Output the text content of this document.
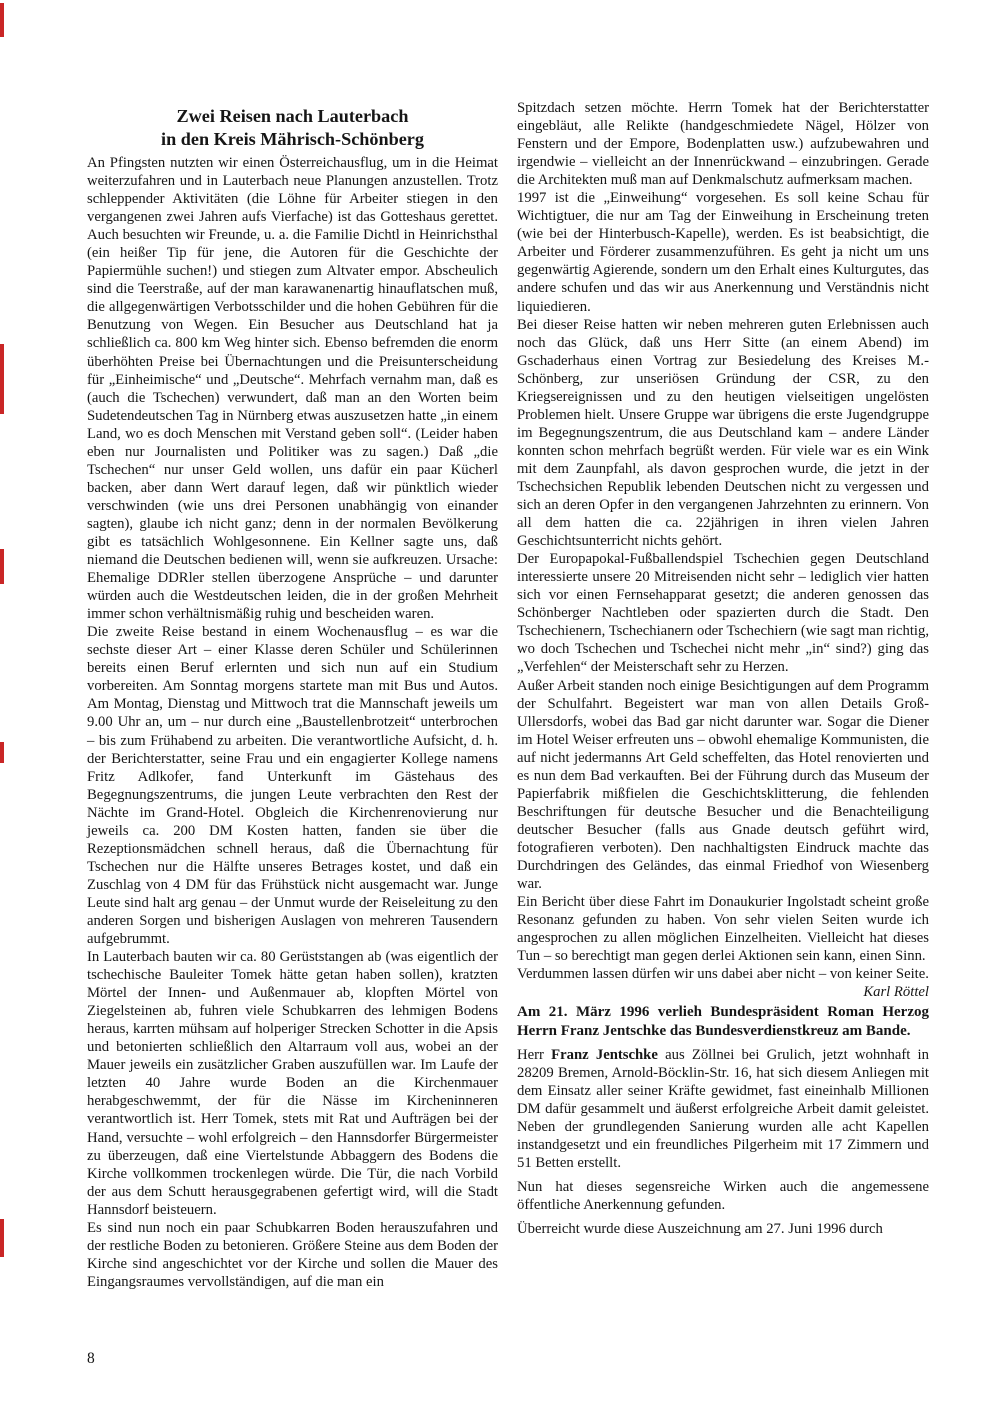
Zwei Reisen nach Lauterbach
in den Kreis Mährisch-Schönberg

An Pfingsten nutzten wir einen Österreichausflug, um in die Heimat weiterzufahren und in Lauterbach neue Planungen anzustellen. Trotz schleppender Aktivitäten (die Löhne für Arbeiter stiegen in den vergangenen zwei Jahren aufs Vierfache) ist das Gotteshaus gerettet. Auch besuchten wir Freunde, u. a. die Familie Dichtl in Heinrichsthal (ein heißer Tip für jene, die Autoren für die Geschichte der Papiermühle suchen!) und stiegen zum Altvater empor. Abscheulich sind die Teerstraße, auf der man karawanenartig hinauflatschen muß, die allgegenwärtigen Verbotsschilder und die hohen Gebühren für die Benutzung von Wegen. Ein Besucher aus Deutschland hat ja schließlich ca. 800 km Weg hinter sich. Ebenso befremden die enorm überhöhten Preise bei Übernachtungen und die Preisunterscheidung für „Einheimische“ und „Deutsche“. Mehrfach vernahm man, daß es (auch die Tschechen) verwundert, daß man an den Worten beim Sudetendeutschen Tag in Nürnberg etwas auszusetzen hatte „in einem Land, wo es doch Menschen mit Verstand geben soll“. (Leider haben eben nur Journalisten und Politiker was zu sagen.) Daß „die Tschechen“ nur unser Geld wollen, uns dafür ein paar Kücherl backen, aber dann Wert darauf legen, daß wir pünktlich wieder verschwinden (wie uns drei Personen unabhängig von einander sagten), glaube ich nicht ganz; denn in der normalen Bevölkerung gibt es tatsächlich Wohlgesonnene. Ein Kellner sagte uns, daß niemand die Deutschen bedienen will, wenn sie aufkreuzen. Ursache: Ehemalige DDRler stellen überzogene Ansprüche – und darunter würden auch die Westdeutschen leiden, die in der großen Mehrheit immer schon verhältnismäßig ruhig und bescheiden waren.

Die zweite Reise bestand in einem Wochenausflug – es war die sechste dieser Art – einer Klasse deren Schüler und Schülerinnen bereits einen Beruf erlernten und sich nun auf ein Studium vorbereiten. Am Sonntag morgens startete man mit Bus und Autos. Am Montag, Dienstag und Mittwoch trat die Mannschaft jeweils um 9.00 Uhr an, um – nur durch eine „Baustellenbrotzeit“ unterbrochen – bis zum Frühabend zu arbeiten. Die verantwortliche Aufsicht, d. h. der Berichterstatter, seine Frau und ein engagierter Kollege namens Fritz Adlkofer, fand Unterkunft im Gästehaus des Begegnungszentrums, die jungen Leute verbrachten den Rest der Nächte im Grand-Hotel. Obgleich die Kirchenrenovierung nur jeweils ca. 200 DM Kosten hatten, fanden sie über die Rezeptionsmädchen schnell heraus, daß die Übernachtung für Tschechen nur die Hälfte unseres Betrages kostet, und daß ein Zuschlag von 4 DM für das Frühstück nicht ausgemacht war. Junge Leute sind halt arg genau – der Unmut wurde der Reiseleitung zu den anderen Sorgen und bisherigen Auslagen von mehreren Tausendern aufgebrummt.

In Lauterbach bauten wir ca. 80 Gerüststangen ab (was eigentlich der tschechische Bauleiter Tomek hätte getan haben sollen), kratzten Mörtel der Innen- und Außenmauer ab, klopften Mörtel von Ziegelsteinen ab, fuhren viele Schubkarren des lehmigen Bodens heraus, karrten mühsam auf holperiger Strecken Schotter in die Apsis und betonierten schließlich den Altarraum voll aus, wobei an der Mauer jeweils ein zusätzlicher Graben auszufüllen war. Im Laufe der letzten 40 Jahre wurde Boden an die Kirchenmauer herabgeschwemmt, der für die Nässe im Kircheninneren verantwortlich ist. Herr Tomek, stets mit Rat und Aufträgen bei der Hand, versuchte – wohl erfolgreich – den Hannsdorfer Bürgermeister zu überzeugen, daß eine Viertelstunde Abbaggern des Bodens die Kirche vollkommen trockenlegen würde. Die Tür, die nach Vorbild der aus dem Schutt herausgegrabenen gefertigt wird, will die Stadt Hannsdorf beisteuern.

Es sind nun noch ein paar Schubkarren Boden herauszufahren und der restliche Boden zu betonieren. Größere Steine aus dem Boden der Kirche sind angeschichtet vor der Kirche und sollen die Mauer des Eingangsraumes vervollständigen, auf die man ein

Spitzdach setzen möchte. Herrn Tomek hat der Berichterstatter eingebläut, alle Relikte (handgeschmiedete Nägel, Hölzer von Fenstern und der Empore, Bodenplatten usw.) aufzubewahren und irgendwie – vielleicht an der Innenrückwand – einzubringen. Gerade die Architekten muß man auf Denkmalschutz aufmerksam machen.

1997 ist die „Einweihung“ vorgesehen. Es soll keine Schau für Wichtigtuer, die nur am Tag der Einweihung in Erscheinung treten (wie bei der Hinterbusch-Kapelle), werden. Es ist beabsichtigt, die Arbeiter und Förderer zusammenzuführen. Es geht ja nicht um uns gegenwärtig Agierende, sondern um den Erhalt eines Kulturgutes, das andere schufen und das wir aus Anerkennung und Verständnis nicht liquiedieren.

Bei dieser Reise hatten wir neben mehreren guten Erlebnissen auch noch das Glück, daß uns Herr Sitte (an einem Abend) im Gschaderhaus einen Vortrag zur Besiedelung des Kreises M.-Schönberg, zur unseriösen Gründung der CSR, zu den Kriegsereignissen und zu den heutigen vielseitigen ungelösten Problemen hielt. Unsere Gruppe war übrigens die erste Jugendgruppe im Begegnungszentrum, die aus Deutschland kam – andere Länder konnten schon mehrfach begrüßt werden. Für viele war es ein Wink mit dem Zaunpfahl, als davon gesprochen wurde, die jetzt in der Tschechsichen Republik lebenden Deutschen nicht zu vergessen und sich an deren Opfer in den vergangenen Jahrzehnten zu erinnern. Von all dem hatten die ca. 22jährigen in ihren vielen Jahren Geschichtsunterricht nichts gehört.

Der Europapokal-Fußballendspiel Tschechien gegen Deutschland interessierte unsere 20 Mitreisenden nicht sehr – lediglich vier hatten sich vor einen Fernsehapparat gesetzt; die anderen genossen das Schönberger Nachtleben oder spazierten durch die Stadt. Den Tschechienern, Tschechianern oder Tschechiern (wie sagt man richtig, wo doch Tschechen und Tschechei nicht mehr „in“ sind?) ging das „Verfehlen“ der Meisterschaft sehr zu Herzen.

Außer Arbeit standen noch einige Besichtigungen auf dem Programm der Schulfahrt. Begeistert war man von allen Details Groß-Ullersdorfs, wobei das Bad gar nicht darunter war. Sogar die Diener im Hotel Weiser erfreuten uns – obwohl ehemalige Kommunisten, die auf nicht jedermanns Art Geld scheffelten, das Hotel renovierten und es nun dem Bad verkauften. Bei der Führung durch das Museum der Papierfabrik mißfielen die Geschichtsklitterung, die fehlenden Beschriftungen für deutsche Besucher und die Benachteiligung deutscher Besucher (falls aus Gnade deutsch geführt wird, fotografieren verboten). Den nachhaltigsten Eindruck machte das Durchdringen des Geländes, das einmal Friedhof von Wiesenberg war.

Ein Bericht über diese Fahrt im Donaukurier Ingolstadt scheint große Resonanz gefunden zu haben. Von sehr vielen Seiten wurde ich angesprochen zu allen möglichen Einzelheiten. Vielleicht hat dieses Tun – so berechtigt man gegen derlei Aktionen sein kann, einen Sinn.

Verdummen lassen dürfen wir uns dabei aber nicht – von keiner Seite.
Karl Röttel

Am 21. März 1996 verlieh Bundespräsident Roman Herzog Herrn Franz Jentschke das Bundesverdienstkreuz am Bande.

Herr Franz Jentschke aus Zöllnei bei Grulich, jetzt wohnhaft in 28209 Bremen, Arnold-Böcklin-Str. 16, hat sich diesem Anliegen mit dem Einsatz aller seiner Kräfte gewidmet, fast eineinhalb Millionen DM dafür gesammelt und äußerst erfolgreiche Arbeit damit geleistet. Neben der grundlegenden Sanierung wurden alle acht Kapellen instandgesetzt und ein freundliches Pilgerheim mit 17 Zimmern und 51 Betten erstellt.

Nun hat dieses segensreiche Wirken auch die angemessene öffentliche Anerkennung gefunden.

Überreicht wurde diese Auszeichnung am 27. Juni 1996 durch

8
